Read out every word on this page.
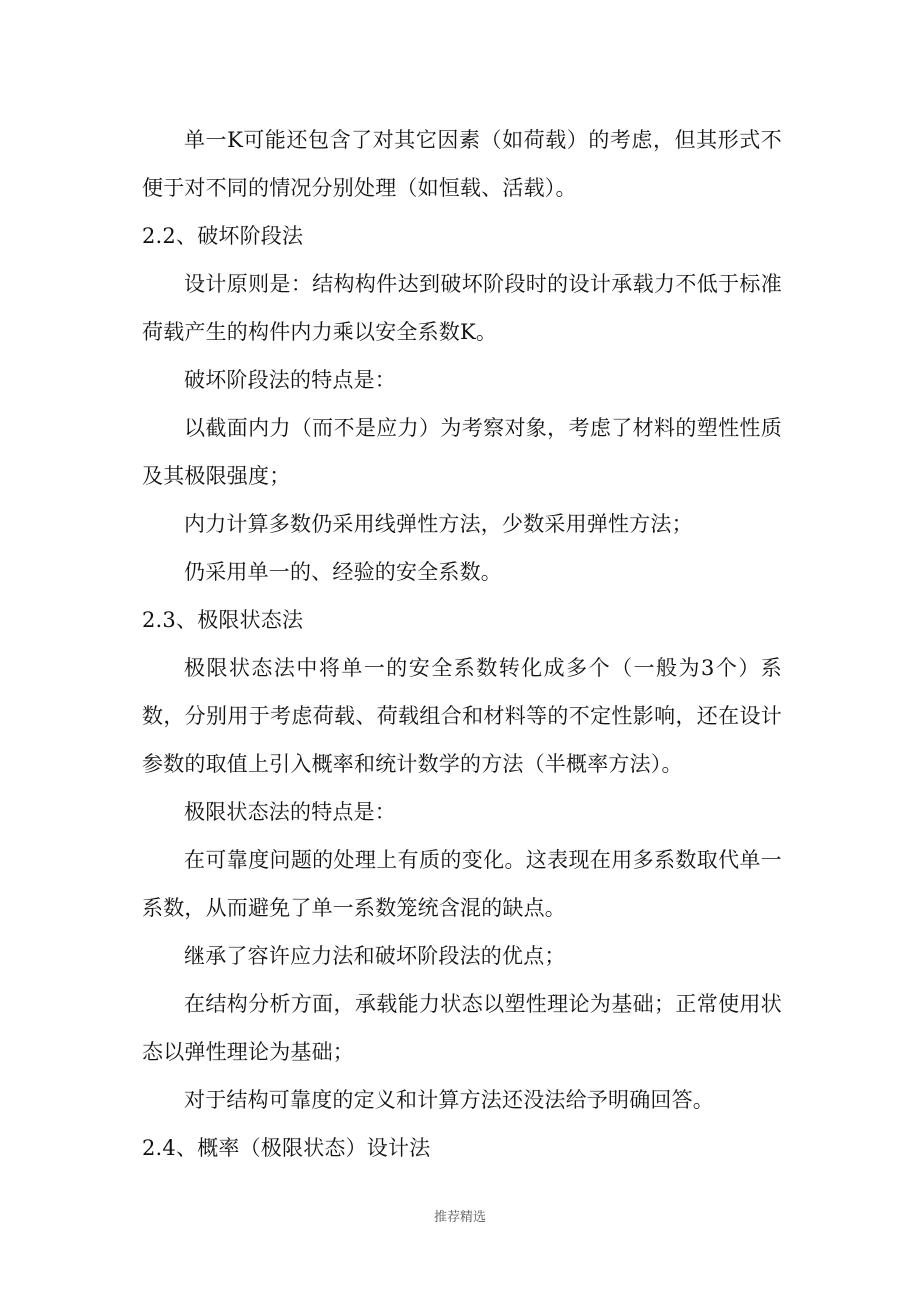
单一K可能还包含了对其它因素（如荷载）的考虑，但其形式不便于对不同的情况分别处理（如恒载、活载）。

2.2、破坏阶段法

设计原则是：结构构件达到破坏阶段时的设计承载力不低于标准荷载产生的构件内力乘以安全系数K。

破坏阶段法的特点是：

以截面内力（而不是应力）为考察对象，考虑了材料的塑性性质及其极限强度；

内力计算多数仍采用线弹性方法，少数采用弹性方法；

仍采用单一的、经验的安全系数。

2.3、极限状态法

极限状态法中将单一的安全系数转化成多个（一般为3个）系数，分别用于考虑荷载、荷载组合和材料等的不定性影响，还在设计参数的取值上引入概率和统计数学的方法（半概率方法）。

极限状态法的特点是：

在可靠度问题的处理上有质的变化。这表现在用多系数取代单一系数，从而避免了单一系数笼统含混的缺点。

继承了容许应力法和破坏阶段法的优点；

在结构分析方面，承载能力状态以塑性理论为基础；正常使用状态以弹性理论为基础；

对于结构可靠度的定义和计算方法还没法给予明确回答。

2.4、概率（极限状态）设计法

推荐精选
